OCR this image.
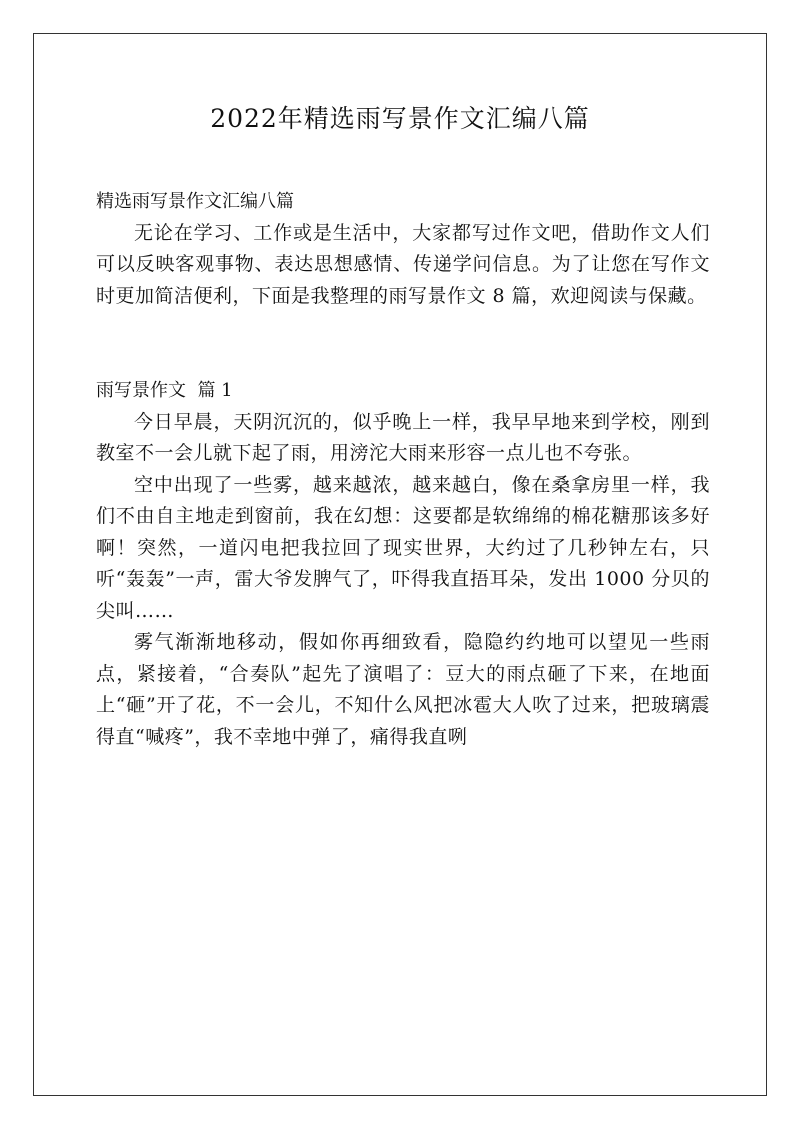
2022年精选雨写景作文汇编八篇

精选雨写景作文汇编八篇

无论在学习、工作或是生活中，大家都写过作文吧，借助作文人们可以反映客观事物、表达思想感情、传递学问信息。为了让您在写作文时更加简洁便利，下面是我整理的雨写景作文 8 篇，欢迎阅读与保藏。

雨写景作文  篇 1

今日早晨，天阴沉沉的，似乎晚上一样，我早早地来到学校，刚到教室不一会儿就下起了雨，用滂沱大雨来形容一点儿也不夸张。

空中出现了一些雾，越来越浓，越来越白，像在桑拿房里一样，我们不由自主地走到窗前，我在幻想：这要都是软绵绵的棉花糖那该多好啊！突然，一道闪电把我拉回了现实世界，大约过了几秒钟左右，只听“轰轰”一声，雷大爷发脾气了，吓得我直捂耳朵，发出 1000 分贝的尖叫……

雾气渐渐地移动，假如你再细致看，隐隐约约地可以望见一些雨点，紧接着，“合奏队”起先了演唱了：豆大的雨点砸了下来，在地面上“砸”开了花，不一会儿，不知什么风把冰雹大人吹了过来，把玻璃震得直“喊疼”，我不幸地中弹了，痛得我直咧
